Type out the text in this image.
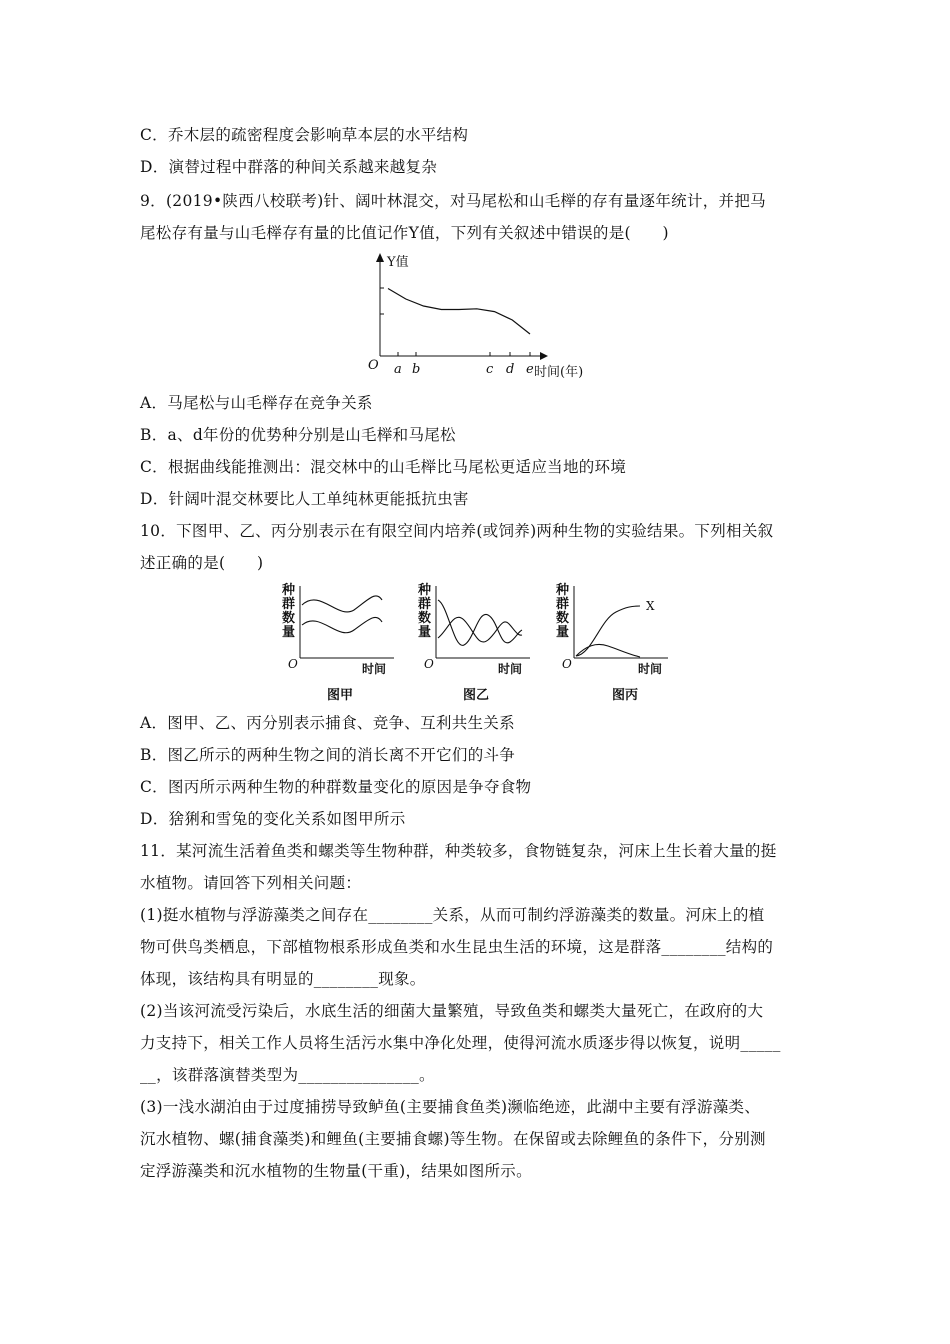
C．乔木层的疏密程度会影响草本层的水平结构
D．演替过程中群落的种间关系越来越复杂
9．(2019•陕西八校联考)针、阔叶林混交，对马尾松和山毛榉的存有量逐年统计，并把马
尾松存有量与山毛榉存有量的比值记作Y值，下列有关叙述中错误的是(　　)
Y值
O	时间(年)
a b	c d e
A．马尾松与山毛榉存在竞争关系
B．a、d年份的优势种分别是山毛榉和马尾松
C．根据曲线能推测出：混交林中的山毛榉比马尾松更适应当地的环境
D．针阔叶混交林要比人工单纯林更能抵抗虫害
10．下图甲、乙、丙分别表示在有限空间内培养(或饲养)两种生物的实验结果。下列相关叙
述正确的是(　　)
种
群
数
量
O	时间
图甲
种
群
数
量
O	时间
图乙
种
群
数
量
O	时间
X
图丙
A．图甲、乙、丙分别表示捕食、竞争、互利共生关系
B．图乙所示的两种生物之间的消长离不开它们的斗争
C．图丙所示两种生物的种群数量变化的原因是争夺食物
D．猞猁和雪兔的变化关系如图甲所示
11．某河流生活着鱼类和螺类等生物种群，种类较多，食物链复杂，河床上生长着大量的挺
水植物。请回答下列相关问题：
(1)挺水植物与浮游藻类之间存在________关系，从而可制约浮游藻类的数量。河床上的植
物可供鸟类栖息，下部植物根系形成鱼类和水生昆虫生活的环境，这是群落________结构的
体现，该结构具有明显的________现象。
(2)当该河流受污染后，水底生活的细菌大量繁殖，导致鱼类和螺类大量死亡，在政府的大
力支持下，相关工作人员将生活污水集中净化处理，使得河流水质逐步得以恢复，说明_____
__，该群落演替类型为_______________。
(3)一浅水湖泊由于过度捕捞导致鲈鱼(主要捕食鱼类)濒临绝迹，此湖中主要有浮游藻类、
沉水植物、螺(捕食藻类)和鲤鱼(主要捕食螺)等生物。在保留或去除鲤鱼的条件下，分别测
定浮游藻类和沉水植物的生物量(干重)，结果如图所示。
